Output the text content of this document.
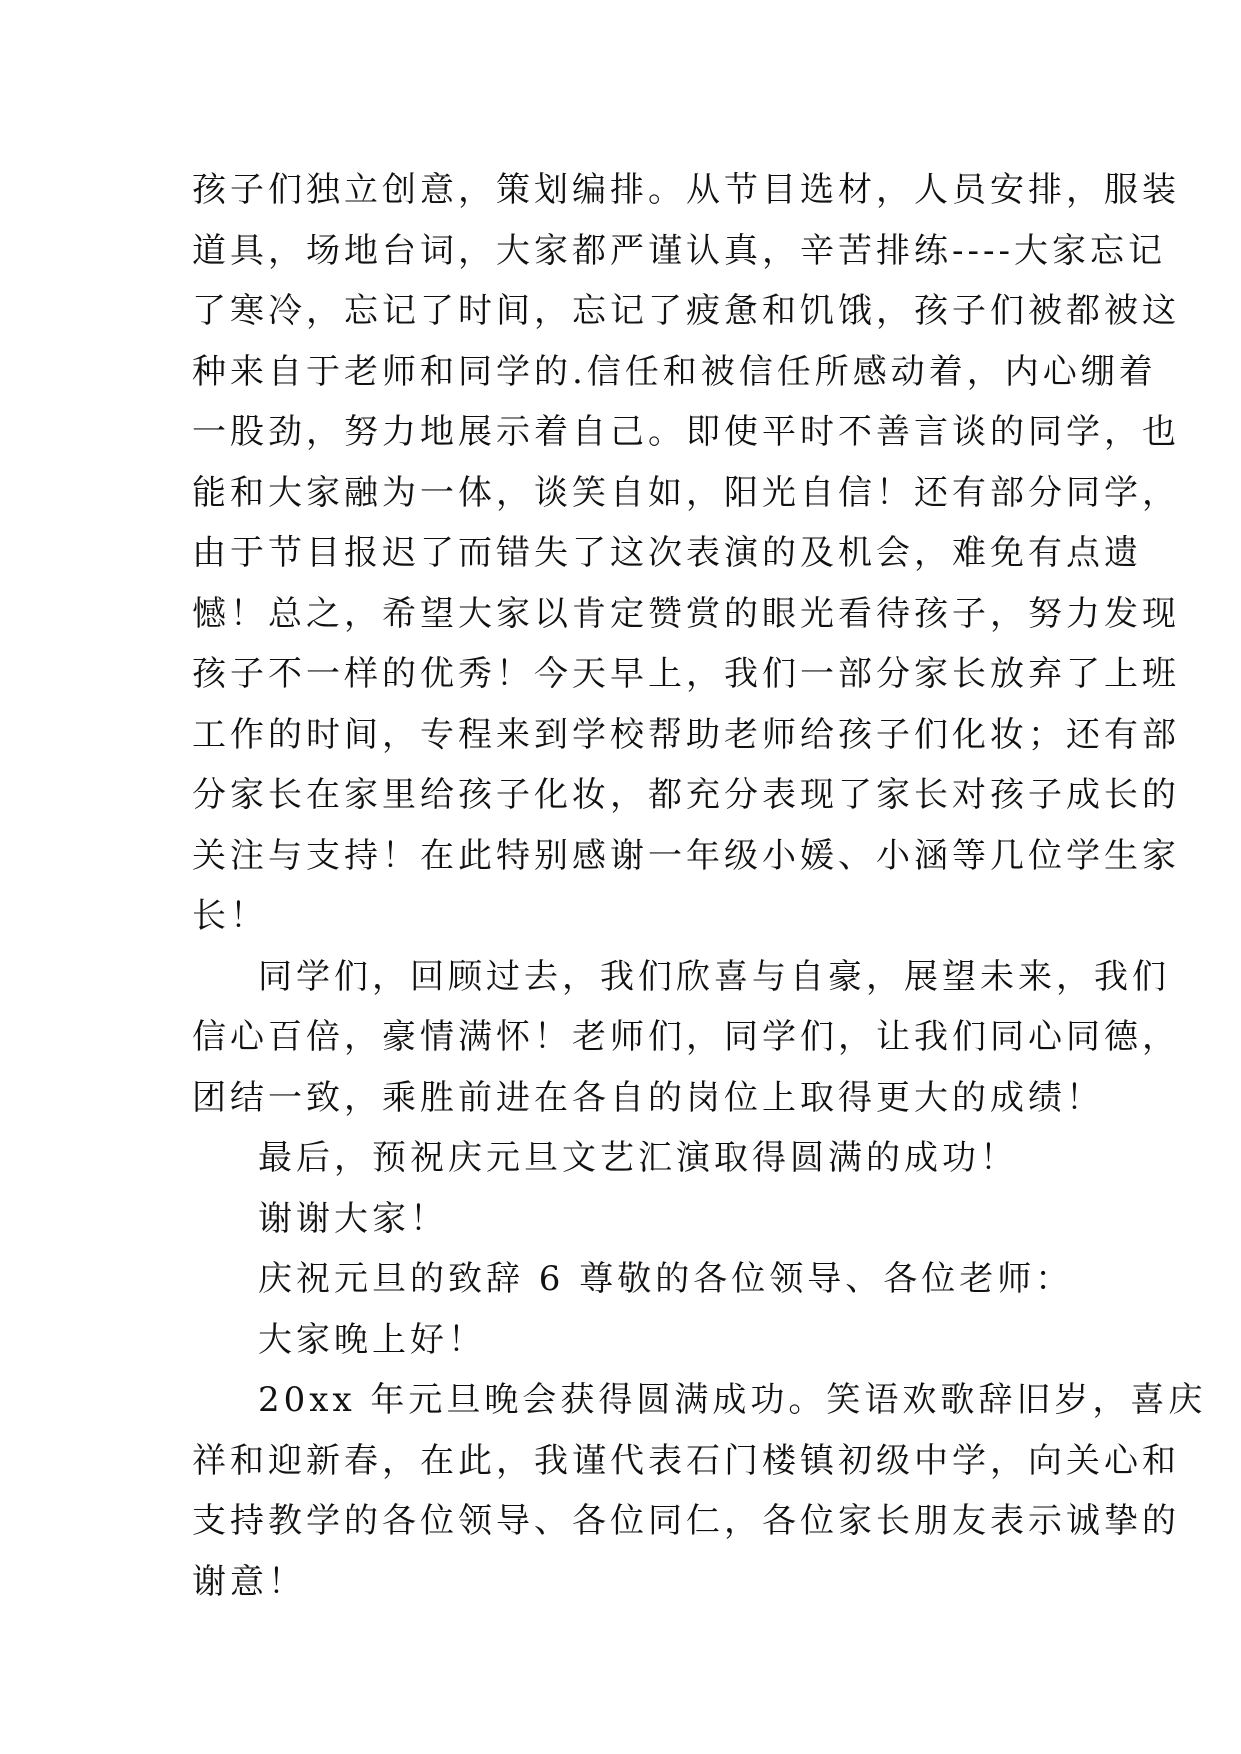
孩子们独立创意，策划编排。从节目选材，人员安排，服装
道具，场地台词，大家都严谨认真，辛苦排练----大家忘记
了寒冷，忘记了时间，忘记了疲惫和饥饿，孩子们被都被这
种来自于老师和同学的.信任和被信任所感动着，内心绷着
一股劲，努力地展示着自己。即使平时不善言谈的同学，也
能和大家融为一体，谈笑自如，阳光自信！还有部分同学，
由于节目报迟了而错失了这次表演的及机会，难免有点遗
憾！总之，希望大家以肯定赞赏的眼光看待孩子，努力发现
孩子不一样的优秀！今天早上，我们一部分家长放弃了上班
工作的时间，专程来到学校帮助老师给孩子们化妆；还有部
分家长在家里给孩子化妆，都充分表现了家长对孩子成长的
关注与支持！在此特别感谢一年级小媛、小涵等几位学生家
长！
同学们，回顾过去，我们欣喜与自豪，展望未来，我们
信心百倍，豪情满怀！老师们，同学们，让我们同心同德，
团结一致，乘胜前进在各自的岗位上取得更大的成绩！
最后，预祝庆元旦文艺汇演取得圆满的成功！
谢谢大家！
庆祝元旦的致辞 6 尊敬的各位领导、各位老师：
大家晚上好！
20xx 年元旦晚会获得圆满成功。笑语欢歌辞旧岁，喜庆
祥和迎新春，在此，我谨代表石门楼镇初级中学，向关心和
支持教学的各位领导、各位同仁，各位家长朋友表示诚挚的
谢意！
